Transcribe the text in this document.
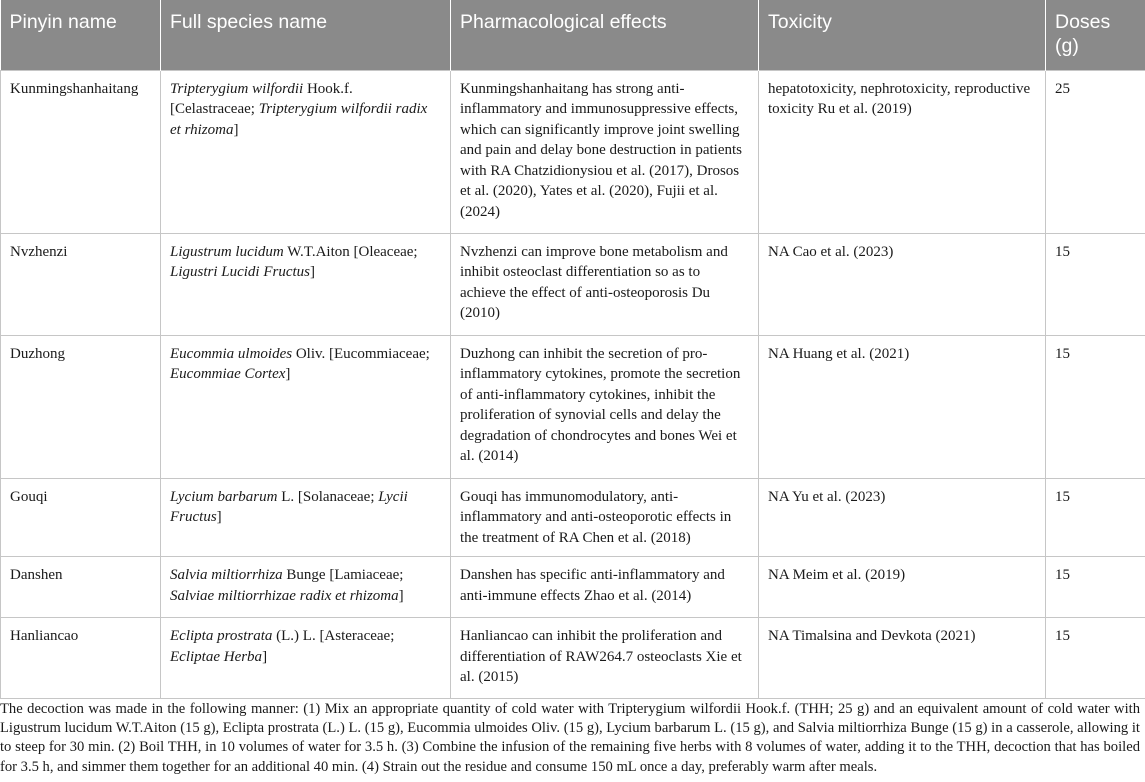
Pinyin name	Full species name	Pharmacological effects	Toxicity	Doses (g)
Kunmingshanhaitang	Tripterygium wilfordii Hook.f. [Celastraceae; Tripterygium wilfordii radix et rhizoma]	Kunmingshanhaitang has strong anti-inflammatory and immunosuppressive effects, which can significantly improve joint swelling and pain and delay bone destruction in patients with RA Chatzidionysiou et al. (2017), Drosos et al. (2020), Yates et al. (2020), Fujii et al. (2024)	hepatotoxicity, nephrotoxicity, reproductive toxicity Ru et al. (2019)	25
Nvzhenzi	Ligustrum lucidum W.T.Aiton [Oleaceae; Ligustri Lucidi Fructus]	Nvzhenzi can improve bone metabolism and inhibit osteoclast differentiation so as to achieve the effect of anti-osteoporosis Du (2010)	NA Cao et al. (2023)	15
Duzhong	Eucommia ulmoides Oliv. [Eucommiaceae; Eucommiae Cortex]	Duzhong can inhibit the secretion of pro-inflammatory cytokines, promote the secretion of anti-inflammatory cytokines, inhibit the proliferation of synovial cells and delay the degradation of chondrocytes and bones Wei et al. (2014)	NA Huang et al. (2021)	15
Gouqi	Lycium barbarum L. [Solanaceae; Lycii Fructus]	Gouqi has immunomodulatory, anti-inflammatory and anti-osteoporotic effects in the treatment of RA Chen et al. (2018)	NA Yu et al. (2023)	15
Danshen	Salvia miltiorrhiza Bunge [Lamiaceae; Salviae miltiorrhizae radix et rhizoma]	Danshen has specific anti-inflammatory and anti-immune effects Zhao et al. (2014)	NA Meim et al. (2019)	15
Hanliancao	Eclipta prostrata (L.) L. [Asteraceae; Ecliptae Herba]	Hanliancao can inhibit the proliferation and differentiation of RAW264.7 osteoclasts Xie et al. (2015)	NA Timalsina and Devkota (2021)	15
The decoction was made in the following manner: (1) Mix an appropriate quantity of cold water with Tripterygium wilfordii Hook.f. (THH; 25 g) and an equivalent amount of cold water with Ligustrum lucidum W.T.Aiton (15 g), Eclipta prostrata (L.) L. (15 g), Eucommia ulmoides Oliv. (15 g), Lycium barbarum L. (15 g), and Salvia miltiorrhiza Bunge (15 g) in a casserole, allowing it to steep for 30 min. (2) Boil THH, in 10 volumes of water for 3.5 h. (3) Combine the infusion of the remaining five herbs with 8 volumes of water, adding it to the THH, decoction that has boiled for 3.5 h, and simmer them together for an additional 40 min. (4) Strain out the residue and consume 150 mL once a day, preferably warm after meals.
